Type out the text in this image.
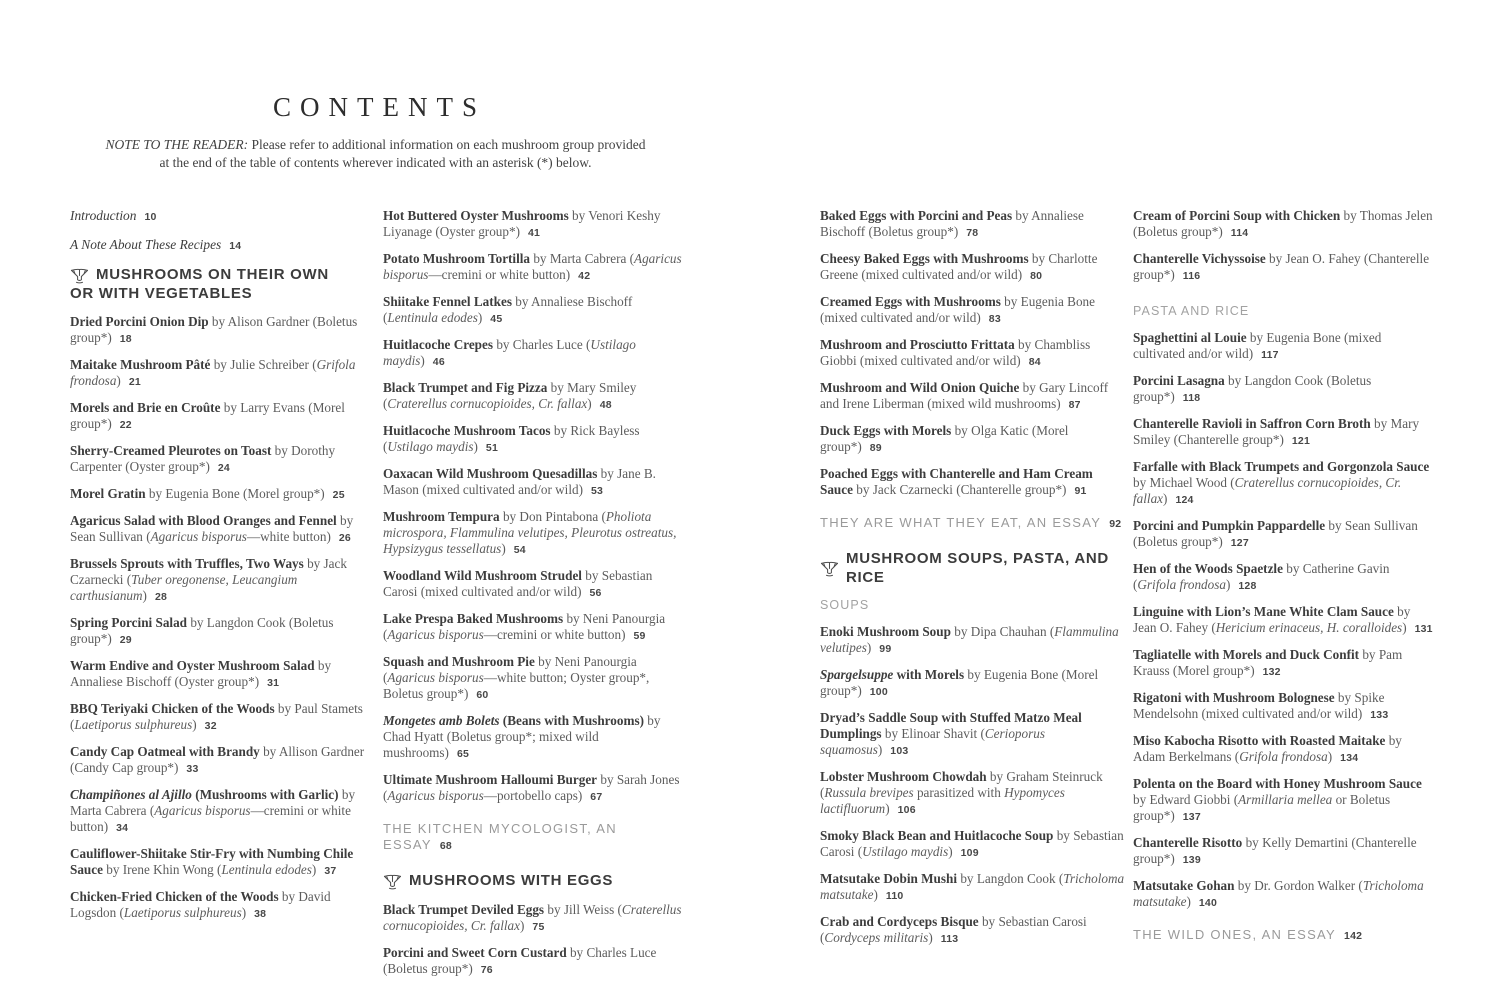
CONTENTS

NOTE TO THE READER: Please refer to additional information on each mushroom group provided at the end of the table of contents wherever indicated with an asterisk (*) below.

Introduction 10

A Note About These Recipes 14

MUSHROOMS ON THEIR OWN
OR WITH VEGETABLES

Dried Porcini Onion Dip by Alison Gardner (Boletus group*) 18

Maitake Mushroom Pâté by Julie Schreiber (Grifola frondosa) 21

Morels and Brie en Croûte by Larry Evans (Morel group*) 22

Sherry-Creamed Pleurotes on Toast by Dorothy Carpenter (Oyster group*) 24

Morel Gratin by Eugenia Bone (Morel group*) 25

Agaricus Salad with Blood Oranges and Fennel by Sean Sullivan (Agaricus bisporus—white button) 26

Brussels Sprouts with Truffles, Two Ways by Jack Czarnecki (Tuber oregonense, Leucangium carthusianum) 28

Spring Porcini Salad by Langdon Cook (Boletus group*) 29

Warm Endive and Oyster Mushroom Salad by Annaliese Bischoff (Oyster group*) 31

BBQ Teriyaki Chicken of the Woods by Paul Stamets (Laetiporus sulphureus) 32

Candy Cap Oatmeal with Brandy by Allison Gardner (Candy Cap group*) 33

Champiñones al Ajillo (Mushrooms with Garlic) by Marta Cabrera (Agaricus bisporus—cremini or white button) 34

Cauliflower-Shiitake Stir-Fry with Numbing Chile Sauce by Irene Khin Wong (Lentinula edodes) 37

Chicken-Fried Chicken of the Woods by David Logsdon (Laetiporus sulphureus) 38

Hot Buttered Oyster Mushrooms by Venori Keshy Liyanage (Oyster group*) 41

Potato Mushroom Tortilla by Marta Cabrera (Agaricus bisporus—cremini or white button) 42

Shiitake Fennel Latkes by Annaliese Bischoff (Lentinula edodes) 45

Huitlacoche Crepes by Charles Luce (Ustilago maydis) 46

Black Trumpet and Fig Pizza by Mary Smiley (Craterellus cornucopioides, Cr. fallax) 48

Huitlacoche Mushroom Tacos by Rick Bayless (Ustilago maydis) 51

Oaxacan Wild Mushroom Quesadillas by Jane B. Mason (mixed cultivated and/or wild) 53

Mushroom Tempura by Don Pintabona (Pholiota microspora, Flammulina velutipes, Pleurotus ostreatus, Hypsizygus tessellatus) 54

Woodland Wild Mushroom Strudel by Sebastian Carosi (mixed cultivated and/or wild) 56

Lake Prespa Baked Mushrooms by Neni Panourgia (Agaricus bisporus—cremini or white button) 59

Squash and Mushroom Pie by Neni Panourgia (Agaricus bisporus—white button; Oyster group*, Boletus group*) 60

Mongetes amb Bolets (Beans with Mushrooms) by Chad Hyatt (Boletus group*; mixed wild mushrooms) 65

Ultimate Mushroom Halloumi Burger by Sarah Jones (Agaricus bisporus—portobello caps) 67

THE KITCHEN MYCOLOGIST, AN ESSAY 68
MUSHROOMS WITH EGGS

Black Trumpet Deviled Eggs by Jill Weiss (Craterellus cornucopioides, Cr. fallax) 75

Porcini and Sweet Corn Custard by Charles Luce (Boletus group*) 76

Baked Eggs with Porcini and Peas by Annaliese Bischoff (Boletus group*) 78

Cheesy Baked Eggs with Mushrooms by Charlotte Greene (mixed cultivated and/or wild) 80

Creamed Eggs with Mushrooms by Eugenia Bone (mixed cultivated and/or wild) 83

Mushroom and Prosciutto Frittata by Chambliss Giobbi (mixed cultivated and/or wild) 84

Mushroom and Wild Onion Quiche by Gary Lincoff and Irene Liberman (mixed wild mushrooms) 87

Duck Eggs with Morels by Olga Katic (Morel group*) 89

Poached Eggs with Chanterelle and Ham Cream Sauce by Jack Czarnecki (Chanterelle group*) 91

THEY ARE WHAT THEY EAT, AN ESSAY 92
MUSHROOM SOUPS, PASTA, AND RICE
SOUPS

Enoki Mushroom Soup by Dipa Chauhan (Flammulina velutipes) 99

Spargelsuppe with Morels by Eugenia Bone (Morel group*) 100

Dryad’s Saddle Soup with Stuffed Matzo Meal Dumplings by Elinoar Shavit (Cerioporus squamosus) 103

Lobster Mushroom Chowdah by Graham Steinruck (Russula brevipes parasitized with Hypomyces lactifluorum) 106

Smoky Black Bean and Huitlacoche Soup by Sebastian Carosi (Ustilago maydis) 109

Matsutake Dobin Mushi by Langdon Cook (Tricholoma matsutake) 110

Crab and Cordyceps Bisque by Sebastian Carosi (Cordyceps militaris) 113

Cream of Porcini Soup with Chicken by Thomas Jelen (Boletus group*) 114

Chanterelle Vichyssoise by Jean O. Fahey (Chanterelle group*) 116

PASTA AND RICE

Spaghettini al Louie by Eugenia Bone (mixed cultivated and/or wild) 117

Porcini Lasagna by Langdon Cook (Boletus group*) 118

Chanterelle Ravioli in Saffron Corn Broth by Mary Smiley (Chanterelle group*) 121

Farfalle with Black Trumpets and Gorgonzola Sauce by Michael Wood (Craterellus cornucopioides, Cr. fallax) 124

Porcini and Pumpkin Pappardelle by Sean Sullivan (Boletus group*) 127

Hen of the Woods Spaetzle by Catherine Gavin (Grifola frondosa) 128

Linguine with Lion’s Mane White Clam Sauce by Jean O. Fahey (Hericium erinaceus, H. coralloides) 131

Tagliatelle with Morels and Duck Confit by Pam Krauss (Morel group*) 132

Rigatoni with Mushroom Bolognese by Spike Mendelsohn (mixed cultivated and/or wild) 133

Miso Kabocha Risotto with Roasted Maitake by Adam Berkelmans (Grifola frondosa) 134

Polenta on the Board with Honey Mushroom Sauce by Edward Giobbi (Armillaria mellea or Boletus group*) 137

Chanterelle Risotto by Kelly Demartini (Chanterelle group*) 139

Matsutake Gohan by Dr. Gordon Walker (Tricholoma matsutake) 140

THE WILD ONES, AN ESSAY 142
